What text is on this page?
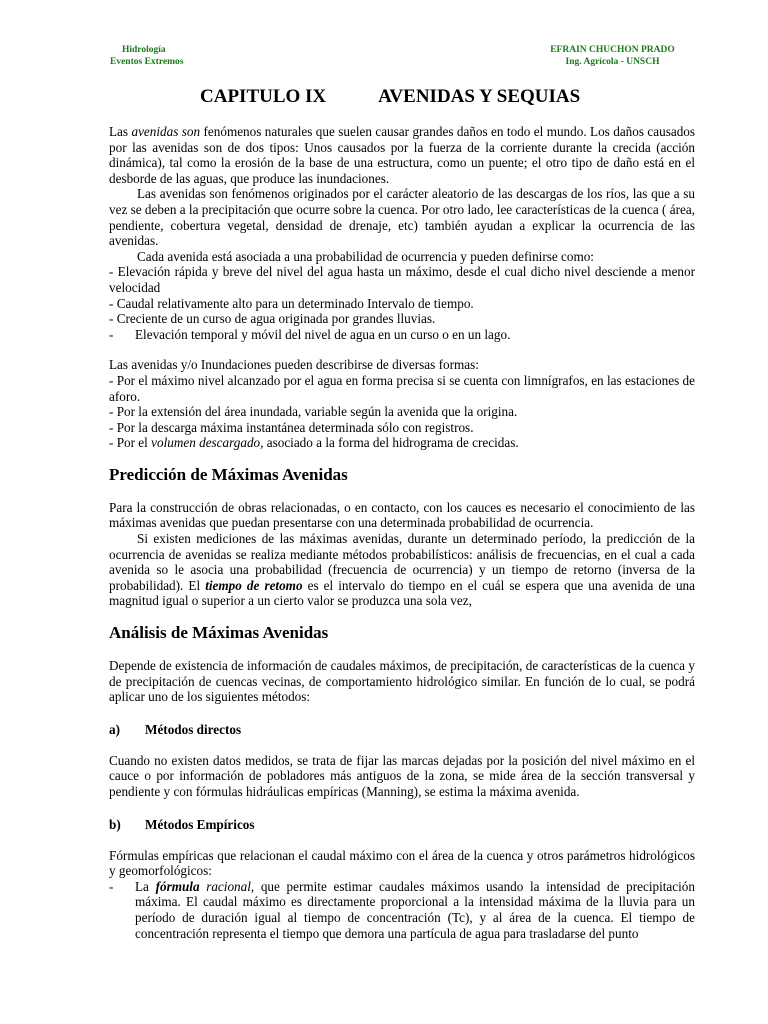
Hidrología
Eventos Extremos
EFRAIN CHUCHON PRADO
Ing. Agrícola - UNSCH
CAPITULO IX	AVENIDAS Y SEQUIAS

Las avenidas son fenómenos naturales que suelen causar grandes daños en todo el mundo. Los daños causados por las avenidas son de dos tipos: Unos causados por la fuerza de la corriente durante la crecida (acción dinámica), tal como la erosión de la base de una estructura, como un puente; el otro tipo de daño está en el desborde de las aguas, que produce las inundaciones.

Las avenidas son fenómenos originados por el carácter aleatorio de las descargas de los ríos, las que a su vez se deben a la precipitación que ocurre sobre la cuenca. Por otro lado, lee características de la cuenca ( área, pendiente, cobertura vegetal, densidad de drenaje, etc) también ayudan a explicar la ocurrencia de las avenidas.

Cada avenida está asociada a una probabilidad de ocurrencia y pueden definirse como:

- Elevación rápida y breve del nivel del agua hasta un máximo, desde el cual dicho nivel desciende a menor velocidad

- Caudal relativamente alto para un determinado Intervalo de tiempo.

- Creciente de un curso de agua originada por grandes lluvias.

-	Elevación temporal y móvil del nivel de agua en un curso o en un lago.

Las avenidas y/o Inundaciones pueden describirse de diversas formas:

- Por el máximo nivel alcanzado por el agua en forma precisa si se cuenta con limnígrafos, en las estaciones de aforo.

- Por la extensión del área inundada, variable según la avenida que la origina.

- Por la descarga máxima instantánea determinada sólo con registros.

- Por el volumen descargado, asociado a la forma del hidrograma de crecidas.

Predicción de Máximas Avenidas

Para la construcción de obras relacionadas, o en contacto, con los cauces es necesario el conocimiento de las máximas avenidas que puedan presentarse con una determinada probabilidad de ocurrencia.

Si existen mediciones de las máximas avenidas, durante un determinado período, la predicción de la ocurrencia de avenidas se realiza mediante métodos probabilísticos: análisis de frecuencias, en el cual a cada avenida so le asocia una probabilidad (frecuencia de ocurrencia) y un tiempo de retorno (inversa de la probabilidad). El tiempo de retomo es el intervalo do tiempo en el cuál se espera que una avenida de una magnitud igual o superior a un cierto valor se produzca una sola vez,

Análisis de Máximas Avenidas

Depende de existencia de información de caudales máximos, de precipitación, de características de la cuenca y de precipitación de cuencas vecinas, de comportamiento hidrológico similar. En función de lo cual, se podrá aplicar uno de los siguientes métodos:

a) Métodos directos

Cuando no existen datos medidos, se trata de fijar las marcas dejadas por la posición del nivel máximo en el cauce o por información de pobladores más antiguos de la zona, se mide área de la sección transversal y pendiente y con fórmulas hidráulicas empíricas (Manning), se estima la máxima avenida.

b) Métodos Empíricos

Fórmulas empíricas que relacionan el caudal máximo con el área de la cuenca y otros parámetros hidrológicos y geomorfológicos:

-	La fórmula racional, que permite estimar caudales máximos usando la intensidad de precipitación máxima. El caudal máximo es directamente proporcional a la intensidad máxima de la lluvia para un período de duración igual al tiempo de concentración (Tc), y al área de la cuenca. El tiempo de concentración representa el tiempo que demora una partícula de agua para trasladarse del punto
